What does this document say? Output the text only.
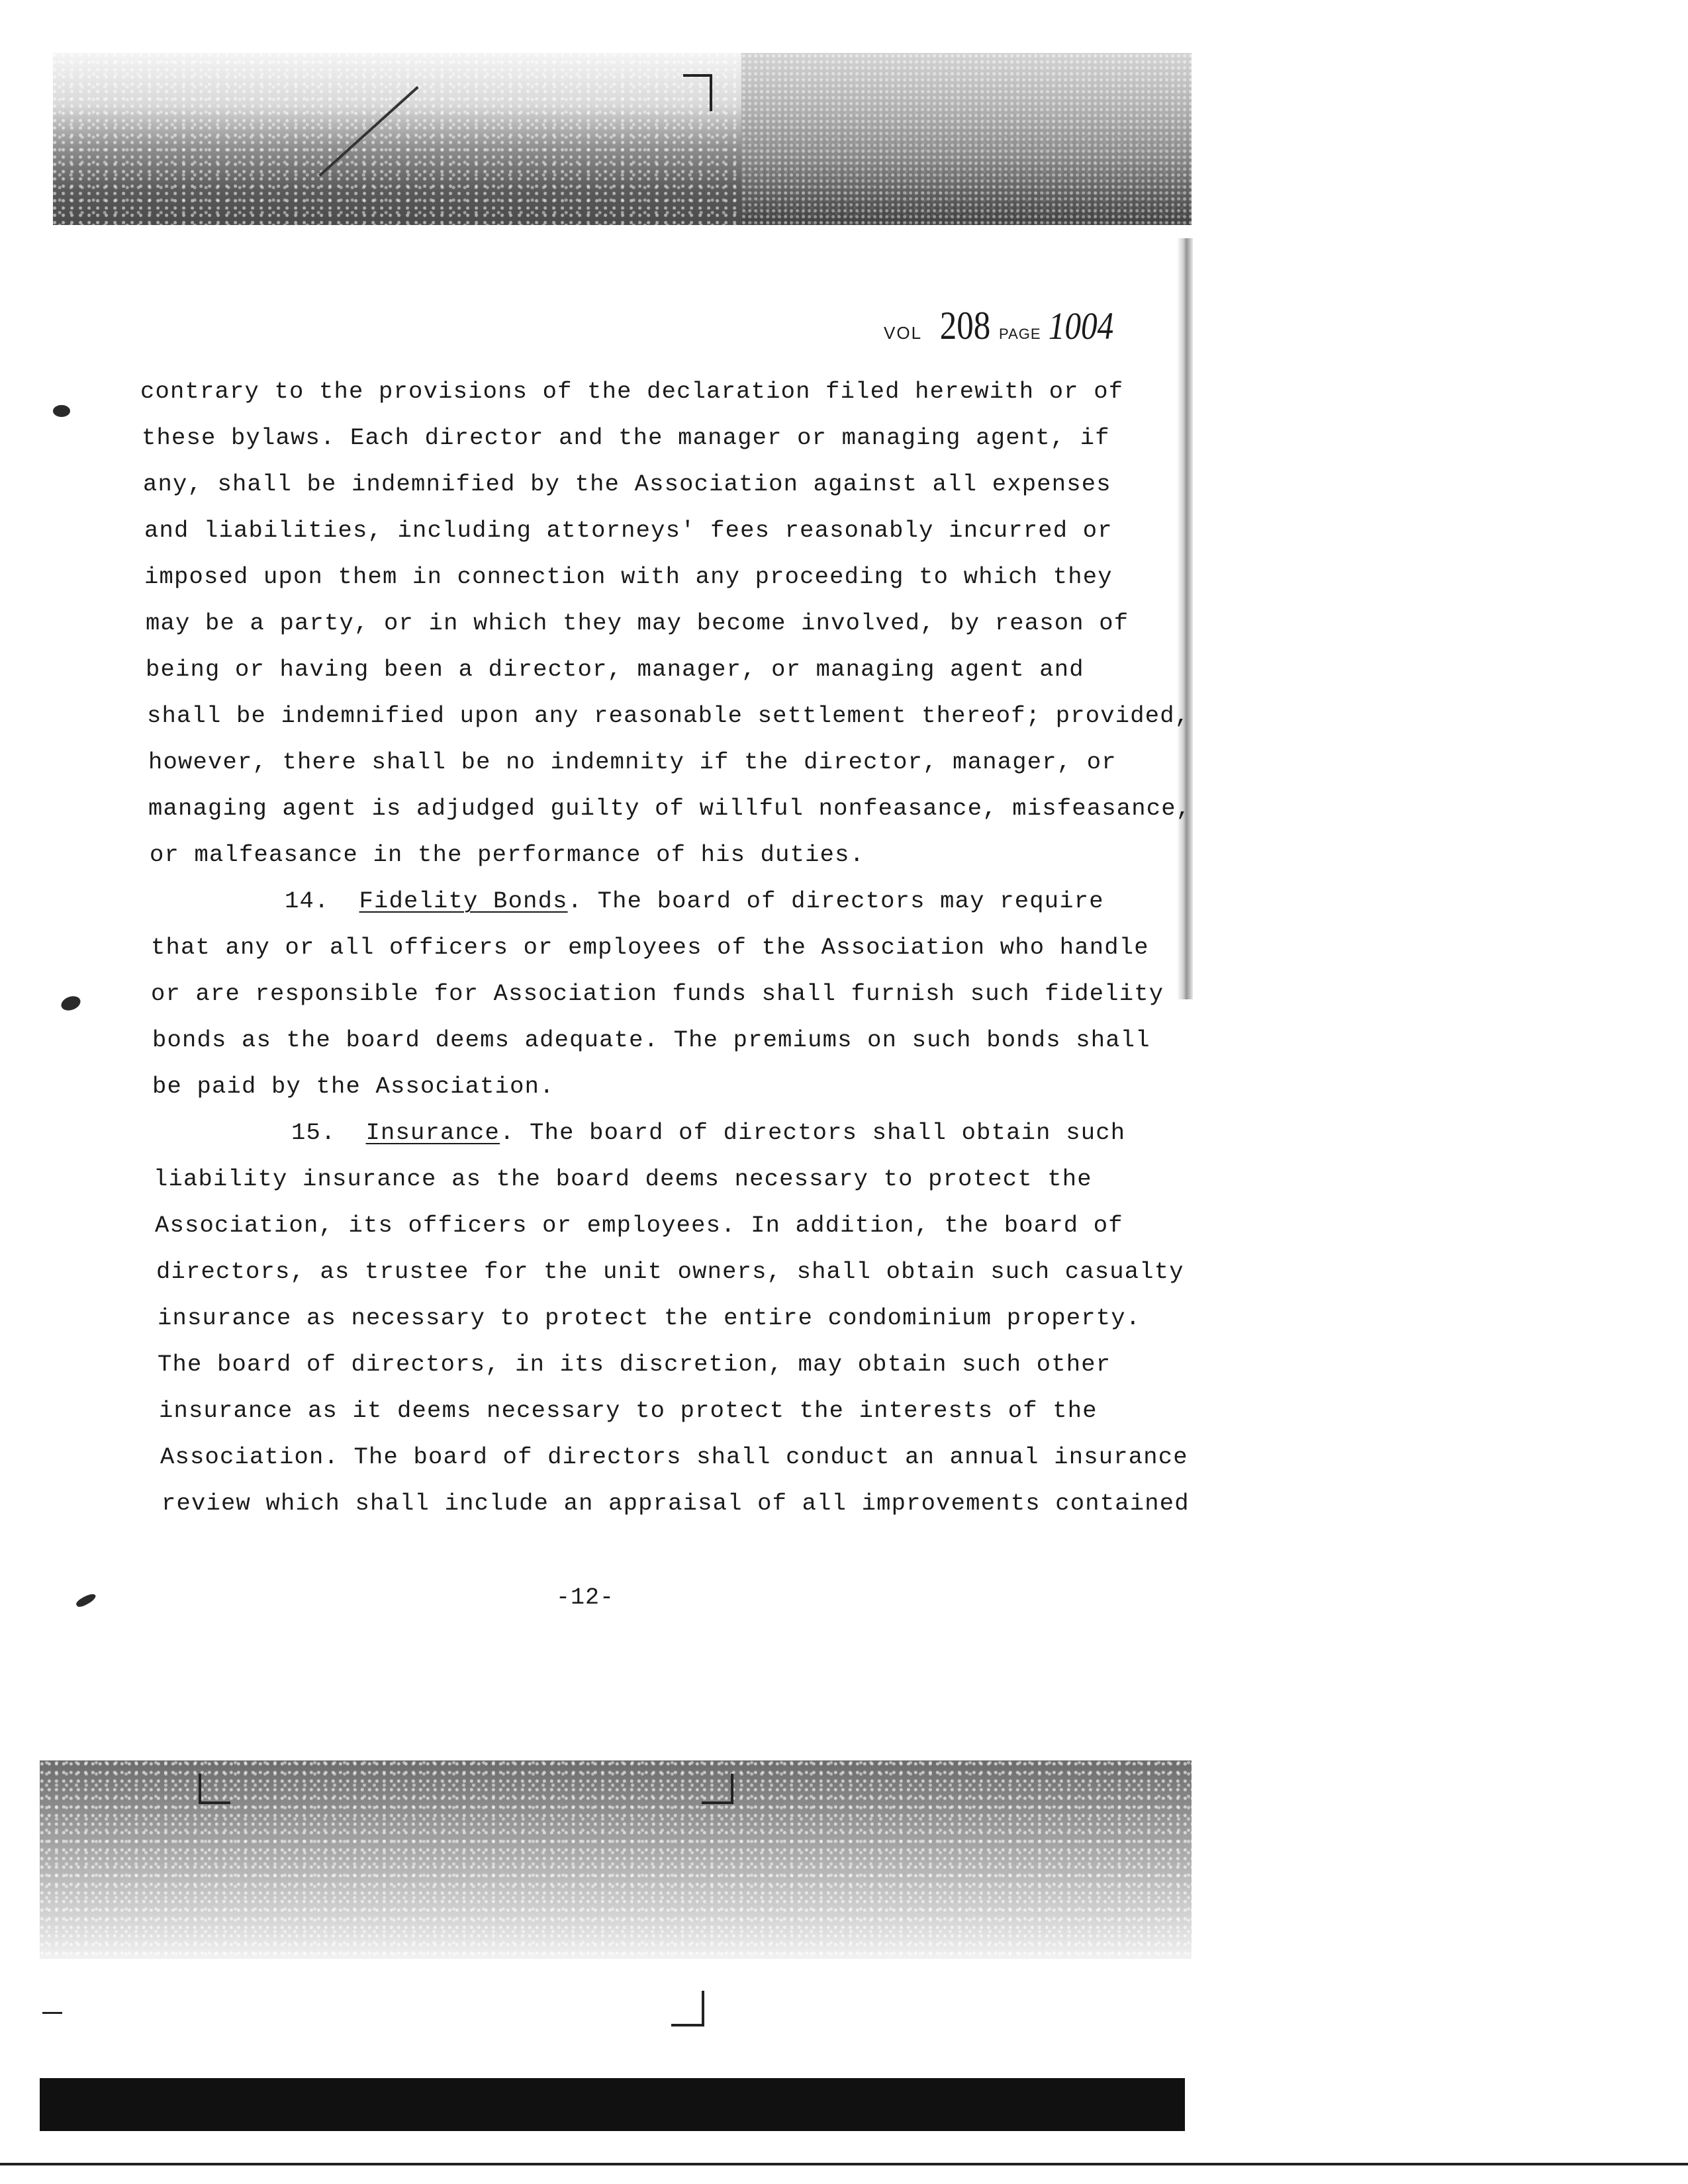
VOL 208 PAGE 1004
contrary to the provisions of the declaration filed herewith or of
these bylaws. Each director and the manager or managing agent, if
any, shall be indemnified by the Association against all expenses
and liabilities, including attorneys' fees reasonably incurred or
imposed upon them in connection with any proceeding to which they
may be a party, or in which they may become involved, by reason of
being or having been a director, manager, or managing agent and
shall be indemnified upon any reasonable settlement thereof; provided,
however, there shall be no indemnity if the director, manager, or
managing agent is adjudged guilty of willful nonfeasance, misfeasance,
or malfeasance in the performance of his duties.
14. Fidelity Bonds. The board of directors may require
that any or all officers or employees of the Association who handle
or are responsible for Association funds shall furnish such fidelity
bonds as the board deems adequate. The premiums on such bonds shall
be paid by the Association.
15. Insurance. The board of directors shall obtain such
liability insurance as the board deems necessary to protect the
Association, its officers or employees. In addition, the board of
directors, as trustee for the unit owners, shall obtain such casualty
insurance as necessary to protect the entire condominium property.
The board of directors, in its discretion, may obtain such other
insurance as it deems necessary to protect the interests of the
Association. The board of directors shall conduct an annual insurance
review which shall include an appraisal of all improvements contained
-12-
